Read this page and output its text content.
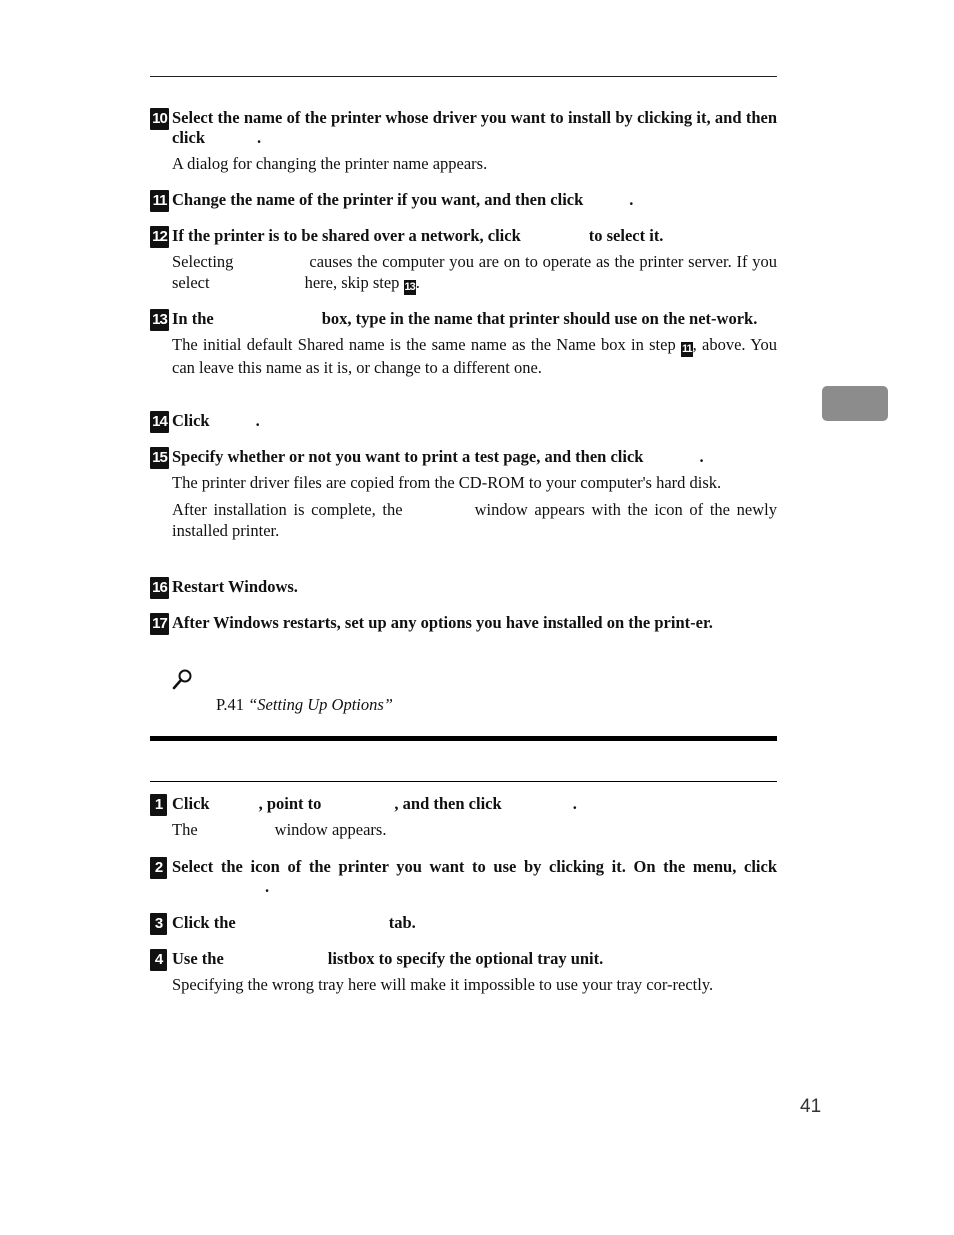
10 Select the name of the printer whose driver you want to install by clicking it, and then click	.
A dialog for changing the printer name appears.
11 Change the name of the printer if you want, and then click	.
12 If the printer is to be shared over a network, click	to select it.
Selecting	causes the computer you are on to operate as the printer server. If you select	here, skip step 13.
13 In the	box, type in the name that printer should use on the net-work.
The initial default Shared name is the same name as the Name box in step 11, above. You can leave this name as it is, or change to a different one.
14 Click	.
15 Specify whether or not you want to print a test page, and then click	.
The printer driver files are copied from the CD-ROM to your computer's hard disk.
After installation is complete, the	window appears with the icon of the newly installed printer.
16 Restart Windows.
17 After Windows restarts, set up any options you have installed on the print-er.
P.41 “Setting Up Options”
1 Click	, point to	, and then click	.
The	window appears.
2 Select the icon of the printer you want to use by clicking it. On the menu, click.
3 Click the	tab.
4 Use the	listbox to specify the optional tray unit.
Specifying the wrong tray here will make it impossible to use your tray cor-rectly.
41
